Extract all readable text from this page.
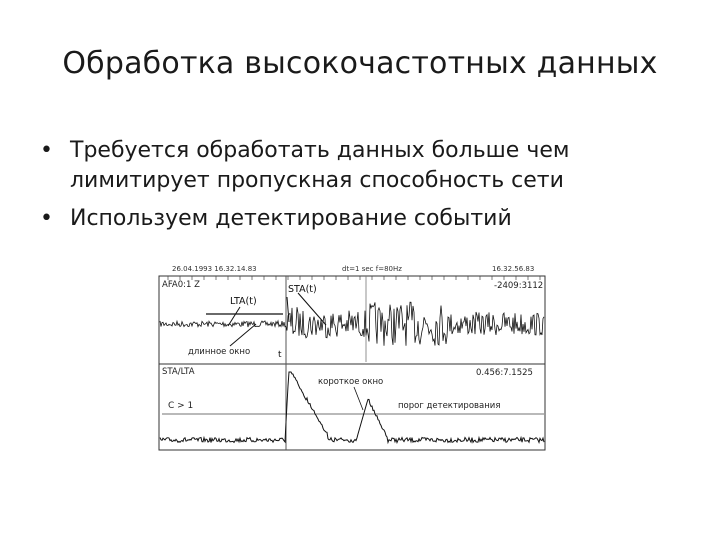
Обработка высокочастотных данных
• Требуется обработать данных больше чем лимитирует пропускная способность сети
• Используем детектирование событий
26.04.1993 16.32.14.83	dt=1 sec f=80Hz	16.32.56.83
AFA0:1 Z	-2409:3112
LTA(t)
STA(t)
длинное окно	t
STA/LTA	0.456:7.1525
короткое окно
C > 1	порог детектирования
